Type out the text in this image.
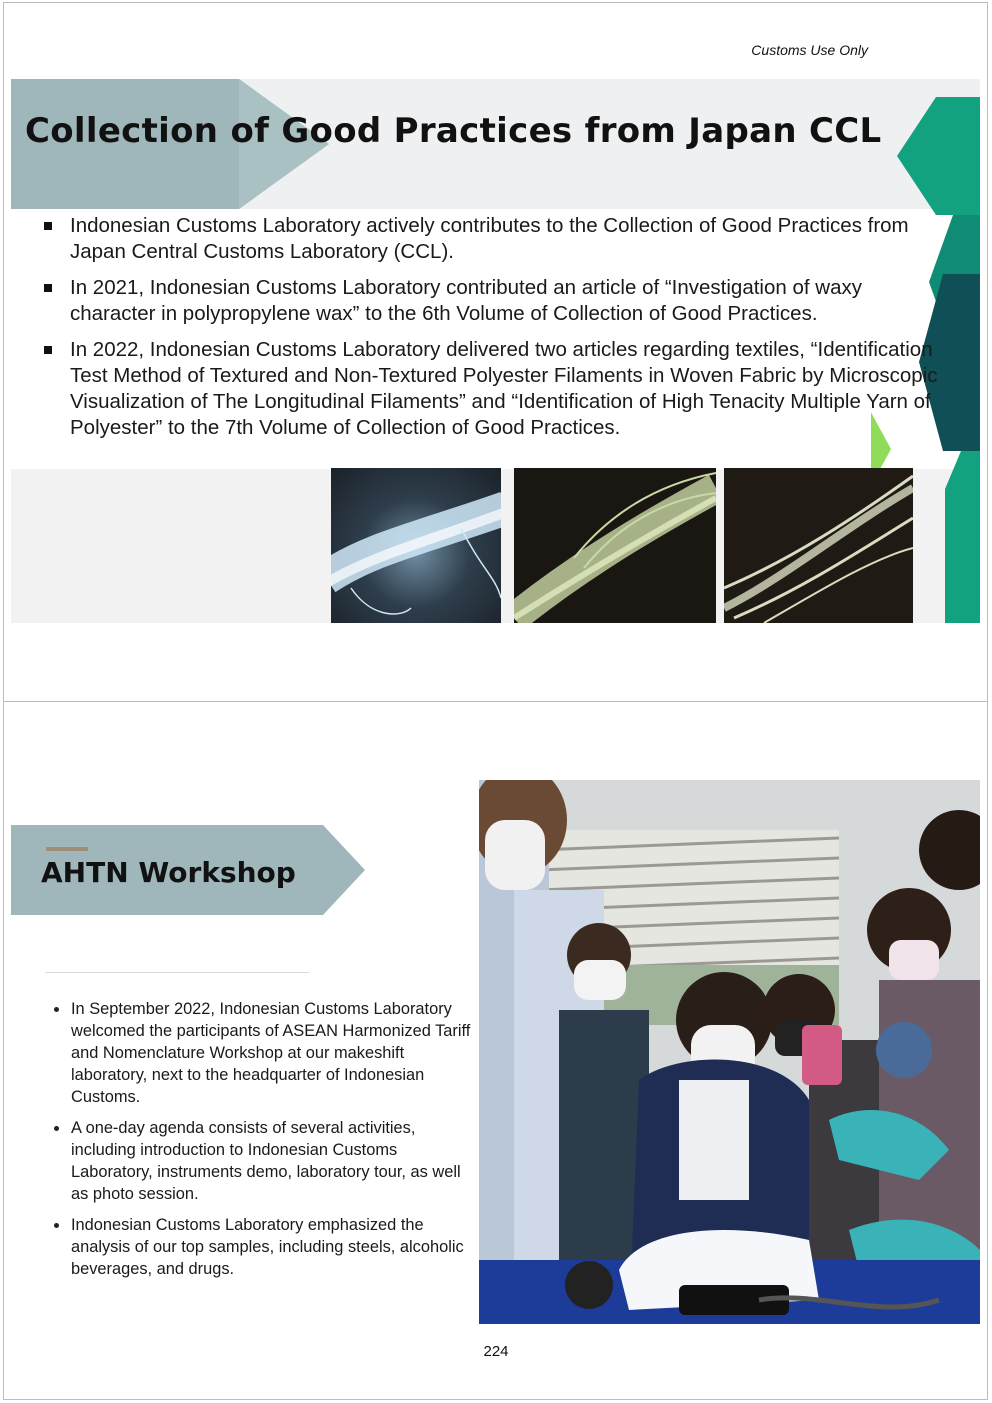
Customs Use Only
Collection of Good Practices from Japan CCL
Indonesian Customs Laboratory actively contributes to the Collection of Good Practices from Japan Central Customs Laboratory (CCL).
In 2021, Indonesian Customs Laboratory contributed an article of “Investigation of waxy character in polypropylene wax” to the 6th Volume of Collection of Good Practices.
In 2022, Indonesian Customs Laboratory delivered two articles regarding textiles, “Identification Test Method of Textured and Non-Textured Polyester Filaments in Woven Fabric by Microscopic Visualization of The Longitudinal Filaments” and “Identification of High Tenacity Multiple Yarn of Polyester” to the 7th Volume of Collection of Good Practices.
AHTN Workshop
In September 2022, Indonesian Customs Laboratory welcomed the participants of ASEAN Harmonized Tariff and Nomenclature Workshop at our makeshift laboratory, next to the headquarter of Indonesian Customs.
A one-day agenda consists of several activities, including introduction to Indonesian Customs Laboratory, instruments demo, laboratory tour, as well as photo session.
Indonesian Customs Laboratory emphasized the analysis of our top samples, including steels, alcoholic beverages, and drugs.
224
